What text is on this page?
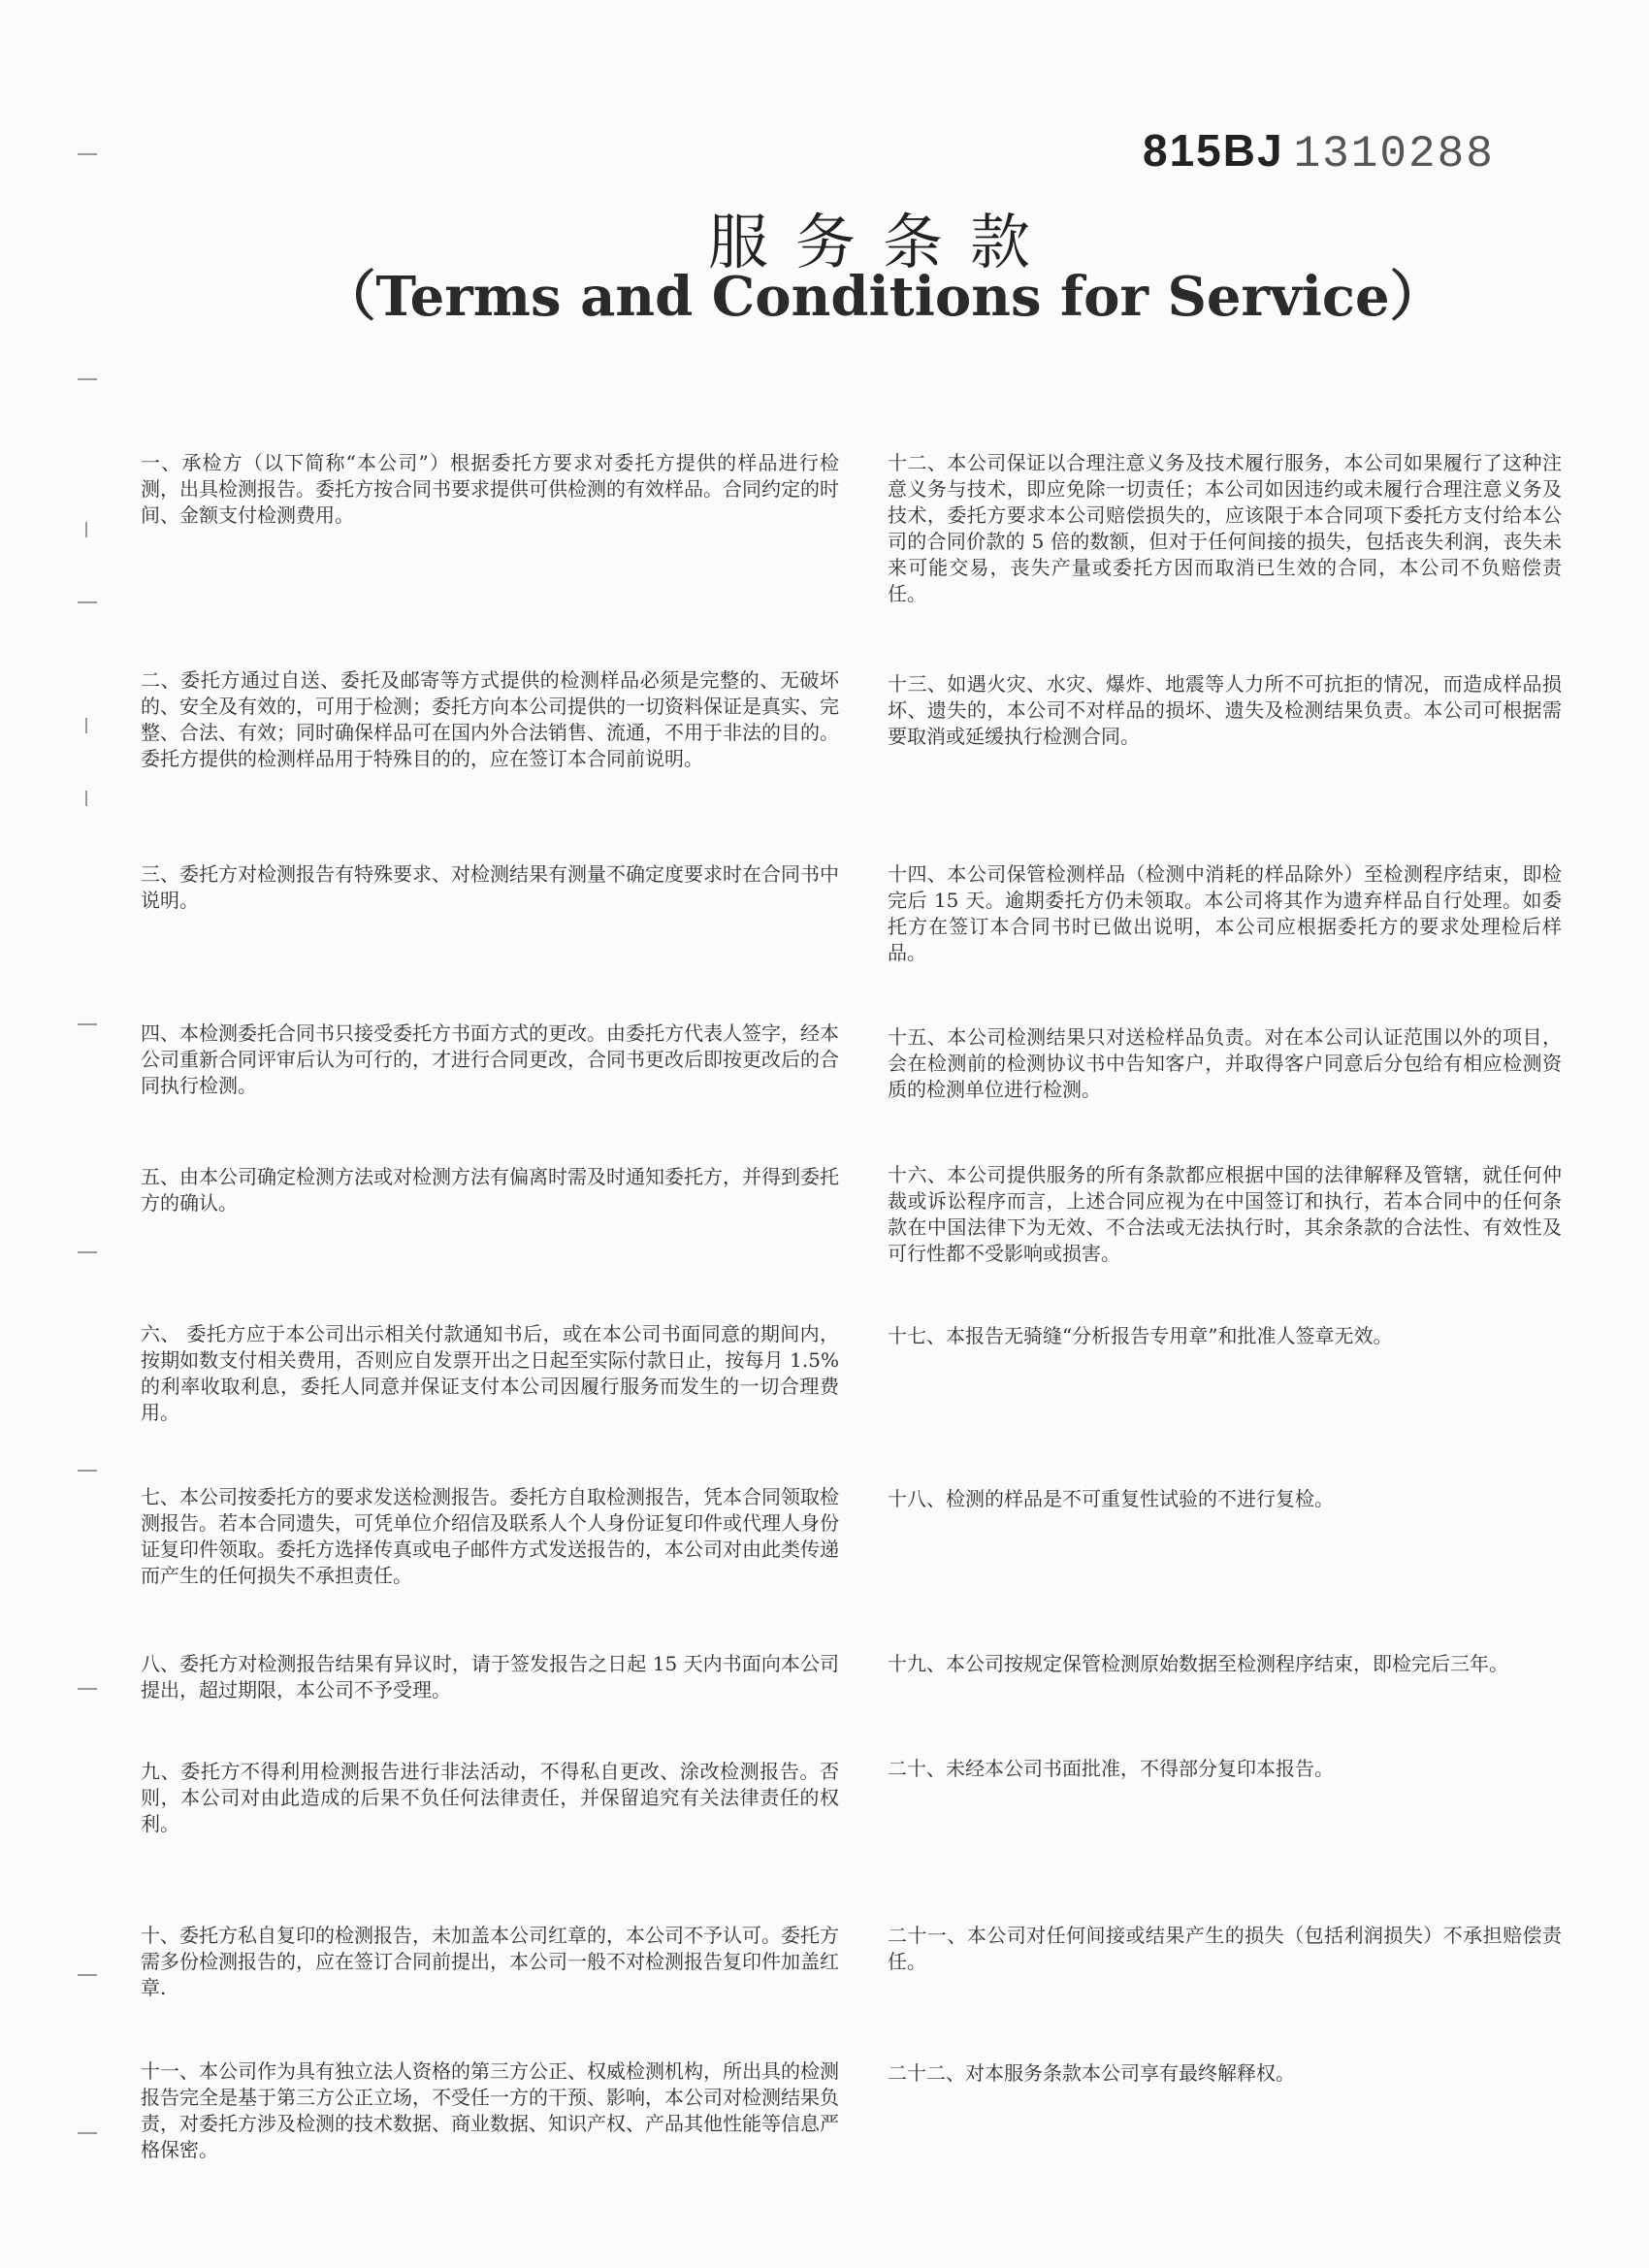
815BJ 1310288
服务条款
（Terms and Conditions for Service）

一、承检方（以下简称“本公司”）根据委托方要求对委托方提供的样品进行检测，出具检测报告。委托方按合同书要求提供可供检测的有效样品。合同约定的时间、金额支付检测费用。

二、委托方通过自送、委托及邮寄等方式提供的检测样品必须是完整的、无破坏的、安全及有效的，可用于检测；委托方向本公司提供的一切资料保证是真实、完整、合法、有效；同时确保样品可在国内外合法销售、流通，不用于非法的目的。委托方提供的检测样品用于特殊目的的，应在签订本合同前说明。

三、委托方对检测报告有特殊要求、对检测结果有测量不确定度要求时在合同书中说明。

四、本检测委托合同书只接受委托方书面方式的更改。由委托方代表人签字，经本公司重新合同评审后认为可行的，才进行合同更改，合同书更改后即按更改后的合同执行检测。

五、由本公司确定检测方法或对检测方法有偏离时需及时通知委托方，并得到委托方的确认。

六、 委托方应于本公司出示相关付款通知书后，或在本公司书面同意的期间内，按期如数支付相关费用，否则应自发票开出之日起至实际付款日止，按每月 1.5%的利率收取利息，委托人同意并保证支付本公司因履行服务而发生的一切合理费用。

七、本公司按委托方的要求发送检测报告。委托方自取检测报告，凭本合同领取检测报告。若本合同遗失，可凭单位介绍信及联系人个人身份证复印件或代理人身份证复印件领取。委托方选择传真或电子邮件方式发送报告的，本公司对由此类传递而产生的任何损失不承担责任。

八、委托方对检测报告结果有异议时，请于签发报告之日起 15 天内书面向本公司提出，超过期限，本公司不予受理。

九、委托方不得利用检测报告进行非法活动，不得私自更改、涂改检测报告。否则，本公司对由此造成的后果不负任何法律责任，并保留追究有关法律责任的权利。

十、委托方私自复印的检测报告，未加盖本公司红章的，本公司不予认可。委托方需多份检测报告的，应在签订合同前提出，本公司一般不对检测报告复印件加盖红章.

十一、本公司作为具有独立法人资格的第三方公正、权威检测机构，所出具的检测报告完全是基于第三方公正立场，不受任一方的干预、影响，本公司对检测结果负责，对委托方涉及检测的技术数据、商业数据、知识产权、产品其他性能等信息严格保密。

十二、本公司保证以合理注意义务及技术履行服务，本公司如果履行了这种注意义务与技术，即应免除一切责任；本公司如因违约或未履行合理注意义务及技术，委托方要求本公司赔偿损失的，应该限于本合同项下委托方支付给本公司的合同价款的 5 倍的数额，但对于任何间接的损失，包括丧失利润，丧失未来可能交易，丧失产量或委托方因而取消已生效的合同，本公司不负赔偿责任。

十三、如遇火灾、水灾、爆炸、地震等人力所不可抗拒的情况，而造成样品损坏、遗失的，本公司不对样品的损坏、遗失及检测结果负责。本公司可根据需要取消或延缓执行检测合同。

十四、本公司保管检测样品（检测中消耗的样品除外）至检测程序结束，即检完后 15 天。逾期委托方仍未领取。本公司将其作为遗弃样品自行处理。如委托方在签订本合同书时已做出说明，本公司应根据委托方的要求处理检后样品。

十五、本公司检测结果只对送检样品负责。对在本公司认证范围以外的项目，会在检测前的检测协议书中告知客户，并取得客户同意后分包给有相应检测资质的检测单位进行检测。

十六、本公司提供服务的所有条款都应根据中国的法律解释及管辖，就任何仲裁或诉讼程序而言，上述合同应视为在中国签订和执行，若本合同中的任何条款在中国法律下为无效、不合法或无法执行时，其余条款的合法性、有效性及可行性都不受影响或损害。

十七、本报告无骑缝“分析报告专用章”和批准人签章无效。

十八、检测的样品是不可重复性试验的不进行复检。

十九、本公司按规定保管检测原始数据至检测程序结束，即检完后三年。

二十、未经本公司书面批准，不得部分复印本报告。

二十一、本公司对任何间接或结果产生的损失（包括利润损失）不承担赔偿责任。

二十二、对本服务条款本公司享有最终解释权。
